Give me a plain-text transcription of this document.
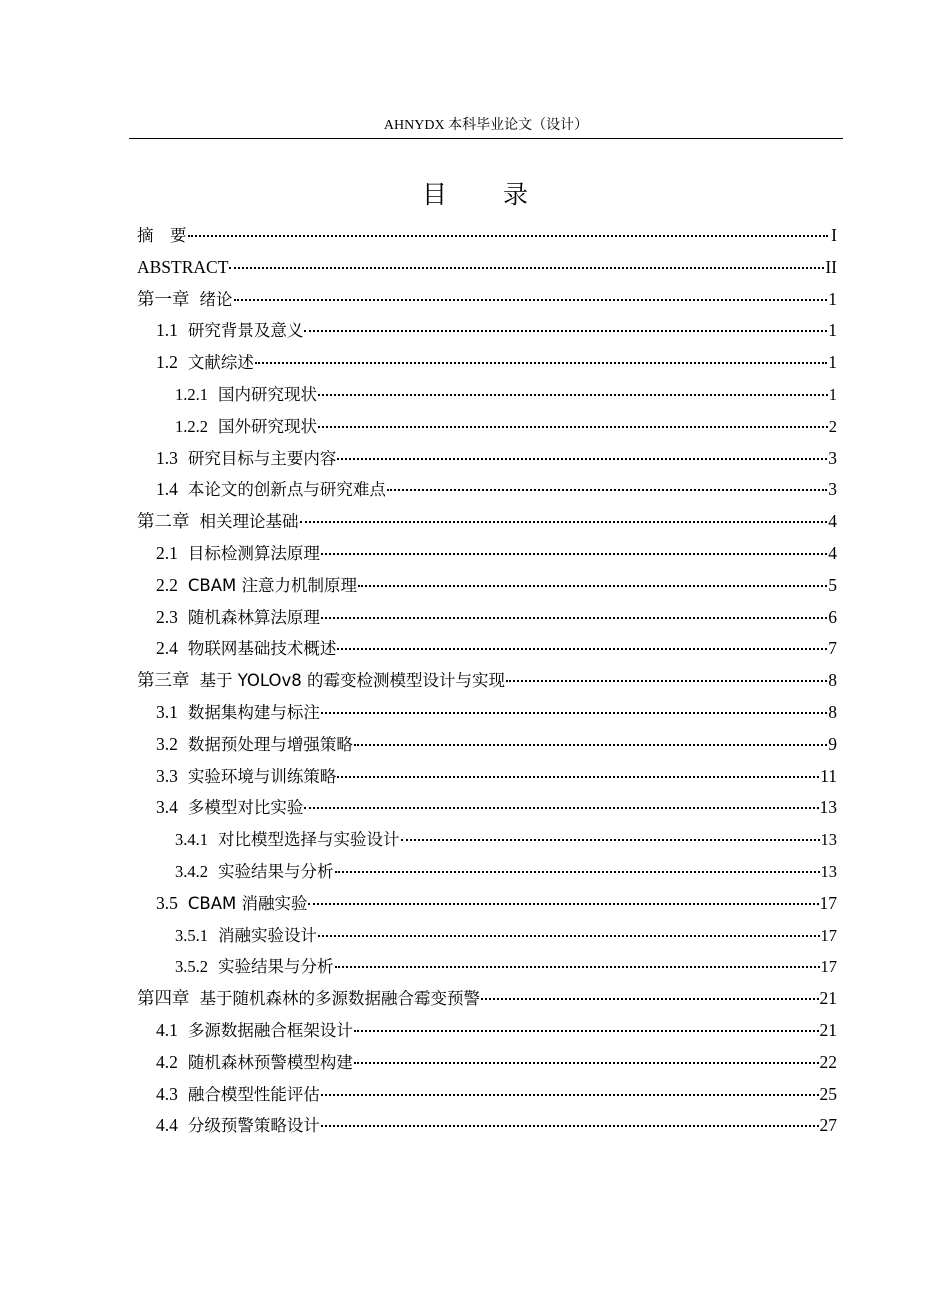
AHNYDX 本科毕业论文（设计）
目 录
摘　要	I
ABSTRACT	II
第一章 绪论	1
1.1 研究背景及意义	1
1.2 文献综述	1
1.2.1 国内研究现状	1
1.2.2 国外研究现状	2
1.3 研究目标与主要内容	3
1.4 本论文的创新点与研究难点	3
第二章 相关理论基础	4
2.1 目标检测算法原理	4
2.2 CBAM 注意力机制原理	5
2.3 随机森林算法原理	6
2.4 物联网基础技术概述	7
第三章 基于 YOLOv8 的霉变检测模型设计与实现	8
3.1 数据集构建与标注	8
3.2 数据预处理与增强策略	9
3.3 实验环境与训练策略	11
3.4 多模型对比实验	13
3.4.1 对比模型选择与实验设计	13
3.4.2 实验结果与分析	13
3.5 CBAM 消融实验	17
3.5.1 消融实验设计	17
3.5.2 实验结果与分析	17
第四章 基于随机森林的多源数据融合霉变预警	21
4.1 多源数据融合框架设计	21
4.2 随机森林预警模型构建	22
4.3 融合模型性能评估	25
4.4 分级预警策略设计	27
